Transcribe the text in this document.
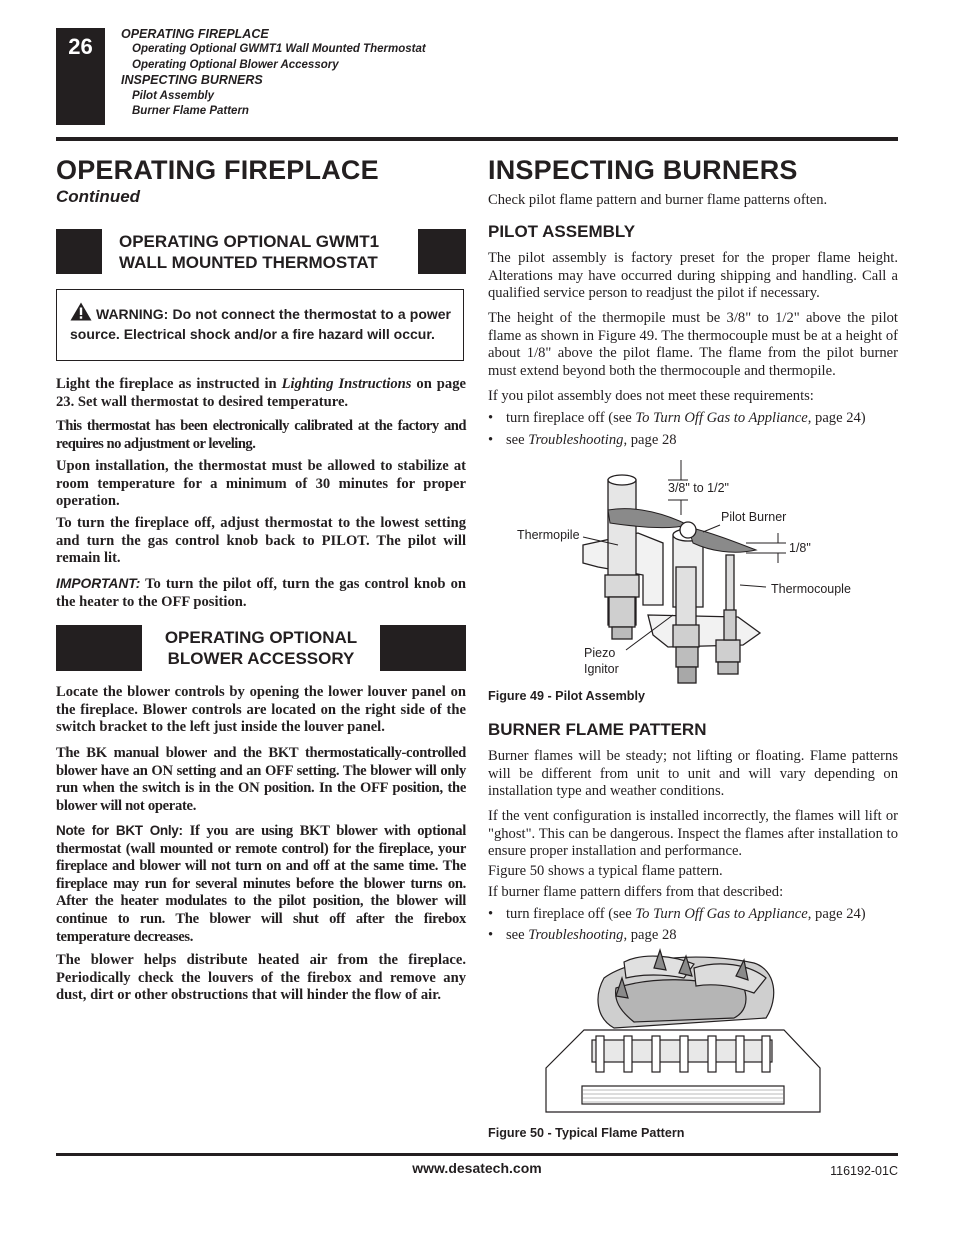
26	OPERATING FIREPLACE
Operating Optional GWMT1 Wall Mounted Thermostat
Operating Optional Blower Accessory
INSPECTING BURNERS
Pilot Assembly
Burner Flame Pattern
OPERATING FIREPLACE
Continued
OPERATING OPTIONAL GWMT1
WALL MOUNTED THERMOSTAT
WARNING: Do not connect the thermostat to a power source. Electrical shock and/or a fire hazard will occur.

Light the fireplace as instructed in Lighting Instructions on page 23. Set wall thermostat to desired temperature.

This thermostat has been electronically calibrated at the factory and requires no adjustment or leveling.

Upon installation, the thermostat must be allowed to stabilize at room temperature for a minimum of 30 minutes for proper operation.

To turn the fireplace off, adjust thermostat to the lowest setting and turn the gas control knob back to PILOT. The pilot will remain lit.

IMPORTANT: To turn the pilot off, turn the gas control knob on the heater to the OFF position.

OPERATING OPTIONAL
BLOWER ACCESSORY

Locate the blower controls by opening the lower louver panel on the fireplace. Blower controls are located on the right side of the switch bracket to the left just inside the louver panel.

The BK manual blower and the BKT thermostatically-controlled blower have an ON setting and an OFF setting. The blower will only run when the switch is in the ON position. In the OFF position, the blower will not operate.

Note for BKT Only: If you are using BKT blower with optional thermostat (wall mounted or remote control) for the fireplace, your fireplace and blower will not turn on and off at the same time. The fireplace may run for several minutes before the blower turns on. After the heater modulates to the pilot position, the blower will continue to run. The blower will shut off after the firebox temperature decreases.

The blower helps distribute heated air from the fireplace. Periodically check the louvers of the firebox and remove any dust, dirt or other obstructions that will hinder the flow of air.

INSPECTING BURNERS

Check pilot flame pattern and burner flame patterns often.

PILOT ASSEMBLY

The pilot assembly is factory preset for the proper flame height. Alterations may have occurred during shipping and handling. Call a qualified service person to readjust the pilot if necessary.

The height of the thermopile must be 3/8" to 1/2" above the pilot flame as shown in Figure 49. The thermocouple must be at a height of about 1/8" above the pilot flame. The flame from the pilot burner must extend beyond both the thermocouple and thermopile.

If you pilot assembly does not meet these requirements:

• turn fireplace off (see To Turn Off Gas to Appliance, page 24)
• see Troubleshooting, page 28
3/8" to 1/2"
Pilot Burner
Thermopile
1/8"
Thermocouple
Piezo
Ignitor
Figure 49 - Pilot Assembly
BURNER FLAME PATTERN

Burner flames will be steady; not lifting or floating. Flame patterns will be different from unit to unit and will vary depending on installation type and weather conditions.

If the vent configuration is installed incorrectly, the flames will lift or "ghost". This can be dangerous. Inspect the flames after installation to ensure proper installation and performance.

Figure 50 shows a typical flame pattern.

If burner flame pattern differs from that described:

• turn fireplace off (see To Turn Off Gas to Appliance, page 24)
• see Troubleshooting, page 28
Figure 50 - Typical Flame Pattern
www.desatech.com	116192-01C
